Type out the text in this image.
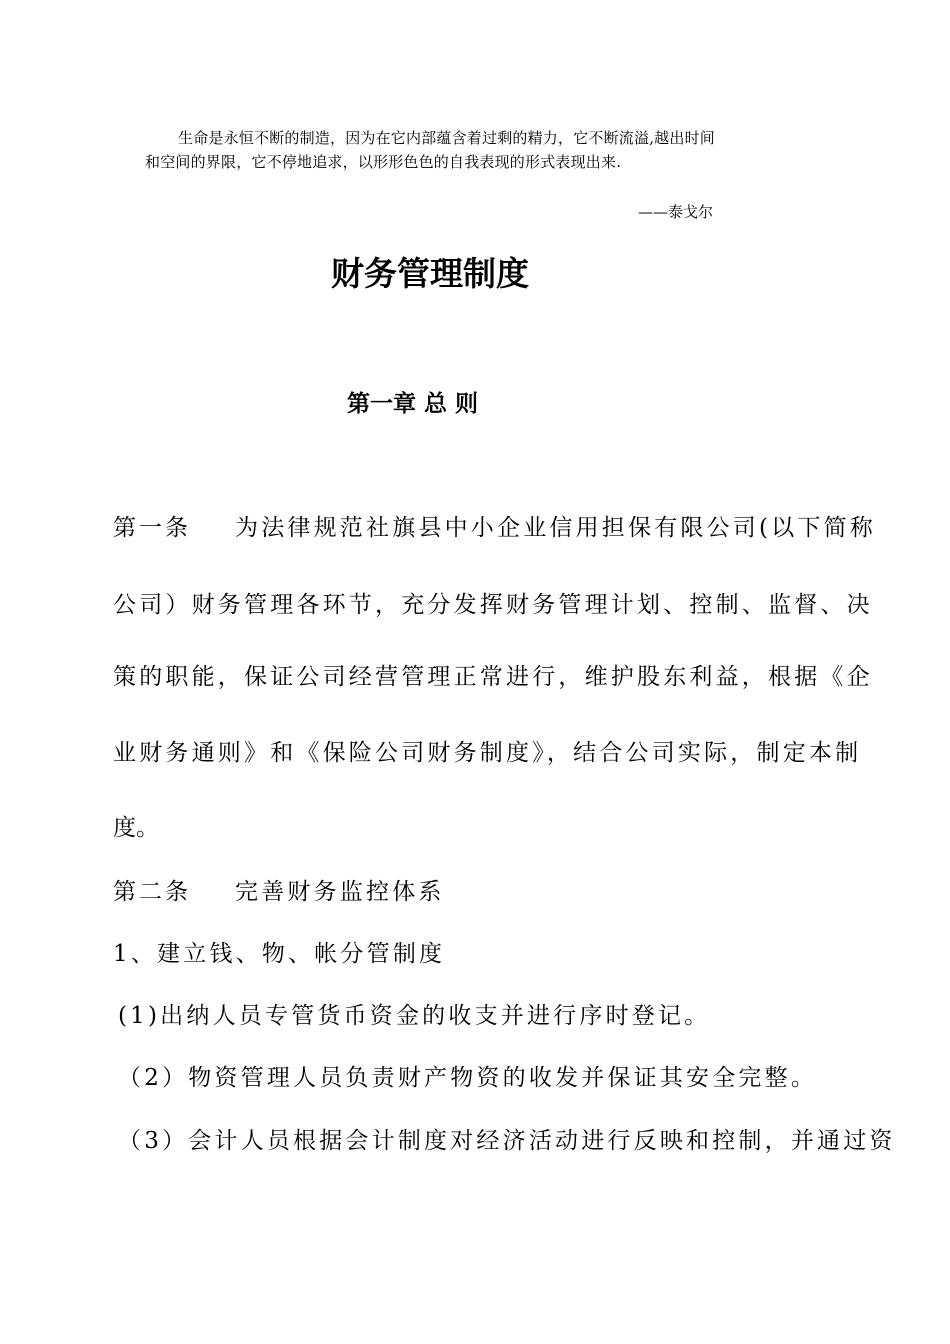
生命是永恒不断的制造，因为在它内部蕴含着过剩的精力，它不断流溢,越出时间
和空间的界限，它不停地追求，以形形色色的自我表现的形式表现出来.
——泰戈尔
财务管理制度
第一章 总 则
第一条 为法律规范社旗县中小企业信用担保有限公司(以下简称
公司）财务管理各环节，充分发挥财务管理计划、控制、监督、决
策的职能，保证公司经营管理正常进行，维护股东利益，根据《企
业财务通则》和《保险公司财务制度》，结合公司实际，制定本制
度。
第二条 完善财务监控体系
1、建立钱、物、帐分管制度
(1)出纳人员专管货币资金的收支并进行序时登记。
（2）物资管理人员负责财产物资的收发并保证其安全完整。
（3）会计人员根据会计制度对经济活动进行反映和控制，并通过资
